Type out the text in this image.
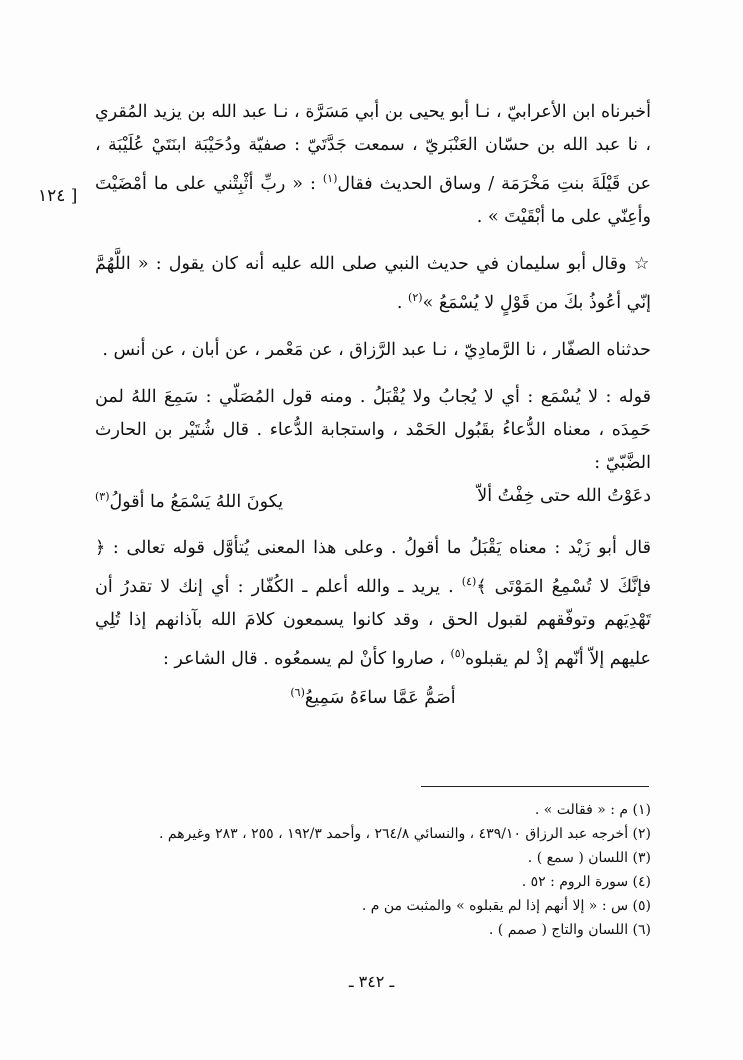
[ ١٢٤

أخبرناه ابن الأعرابيّ ، نـا أبو يحيى بن أبي مَسَرَّة ، نـا عبد الله بن يزيد المُقري ، نا عبد الله بن حسّان العَنْبَريّ ، سمعت جَدَّتَيّ : صفيّة ودُحَيْبَة ابنَتَيْ عُلَيْبَة ، عن قَيْلَةَ بنتِ مَخْرَمَة / وساق الحديث فقال$^{(١)}$ : « ربِّ أثْبِتْني على ما أمْضَيْتَ وأعِنّي على ما أبْقَيْتَ » .

☆ وقال أبو سليمان في حديث النبي صلى الله عليه أنه كان يقول : « اللَّهُمَّ إنّي أعُوذُ بكَ من قَوْلٍ لا يُسْمَعُ »$^{(٢)}$ .

حدثناه الصفّار ، نا الرَّمادِيّ ، نـا عبد الرَّزاق ، عن مَعْمر ، عن أبان ، عن أنس .

قوله : لا يُسْمَع : أي لا يُجابُ ولا يُقْبَلُ . ومنه قول المُصَلّي : سَمِعَ اللهُ لمن حَمِدَه ، معناه الدُّعاءُ بقَبُول الحَمْد ، واستجابة الدُّعاء . قال شُتَيْر بن الحارث الضَّبّيّ :

دعَوْتُ الله حتى خِفْتُ ألاّ
يكونَ اللهُ يَسْمَعُ ما أقولُ$^{(٣)}$

قال أبو زَيْد : معناه يَقْبَلُ ما أقولُ . وعلى هذا المعنى يُتأوَّل قوله تعالى : ﴿ فإنَّكَ لا تُسْمِعُ المَوْتَى ﴾$^{(٤)}$ . يريد ـ والله أعلم ـ الكُفّار : أي إنك لا تقدرُ أن تَهْدِيَهم وتوفّقهم لقبول الحق ، وقد كانوا يسمعون كلامَ الله بآذانهم إذا تُلِي عليهم إلاّ أنّهم إذْ لم يقبلوه$^{(٥)}$ ، صاروا كأنْ لم يسمعُوه . قال الشاعر :

أصَمُّ عَمَّا ساءَهُ سَمِيعُ$^{(٦)}$

(١) م : « فقالت » .

(٢) أخرجه عبد الرزاق ٤٣٩/١٠ ، والنسائي ٢٦٤/٨ ، وأحمد ١٩٢/٣ ، ٢٥٥ ، ٢٨٣ وغيرهم .

(٣) اللسان ( سمع ) .

(٤) سورة الروم : ٥٢ .

(٥) س : « إلا أنهم إذا لم يقبلوه » والمثبت من م .

(٦) اللسان والتاج ( صمم ) .

ـ ٣٤٢ ـ
